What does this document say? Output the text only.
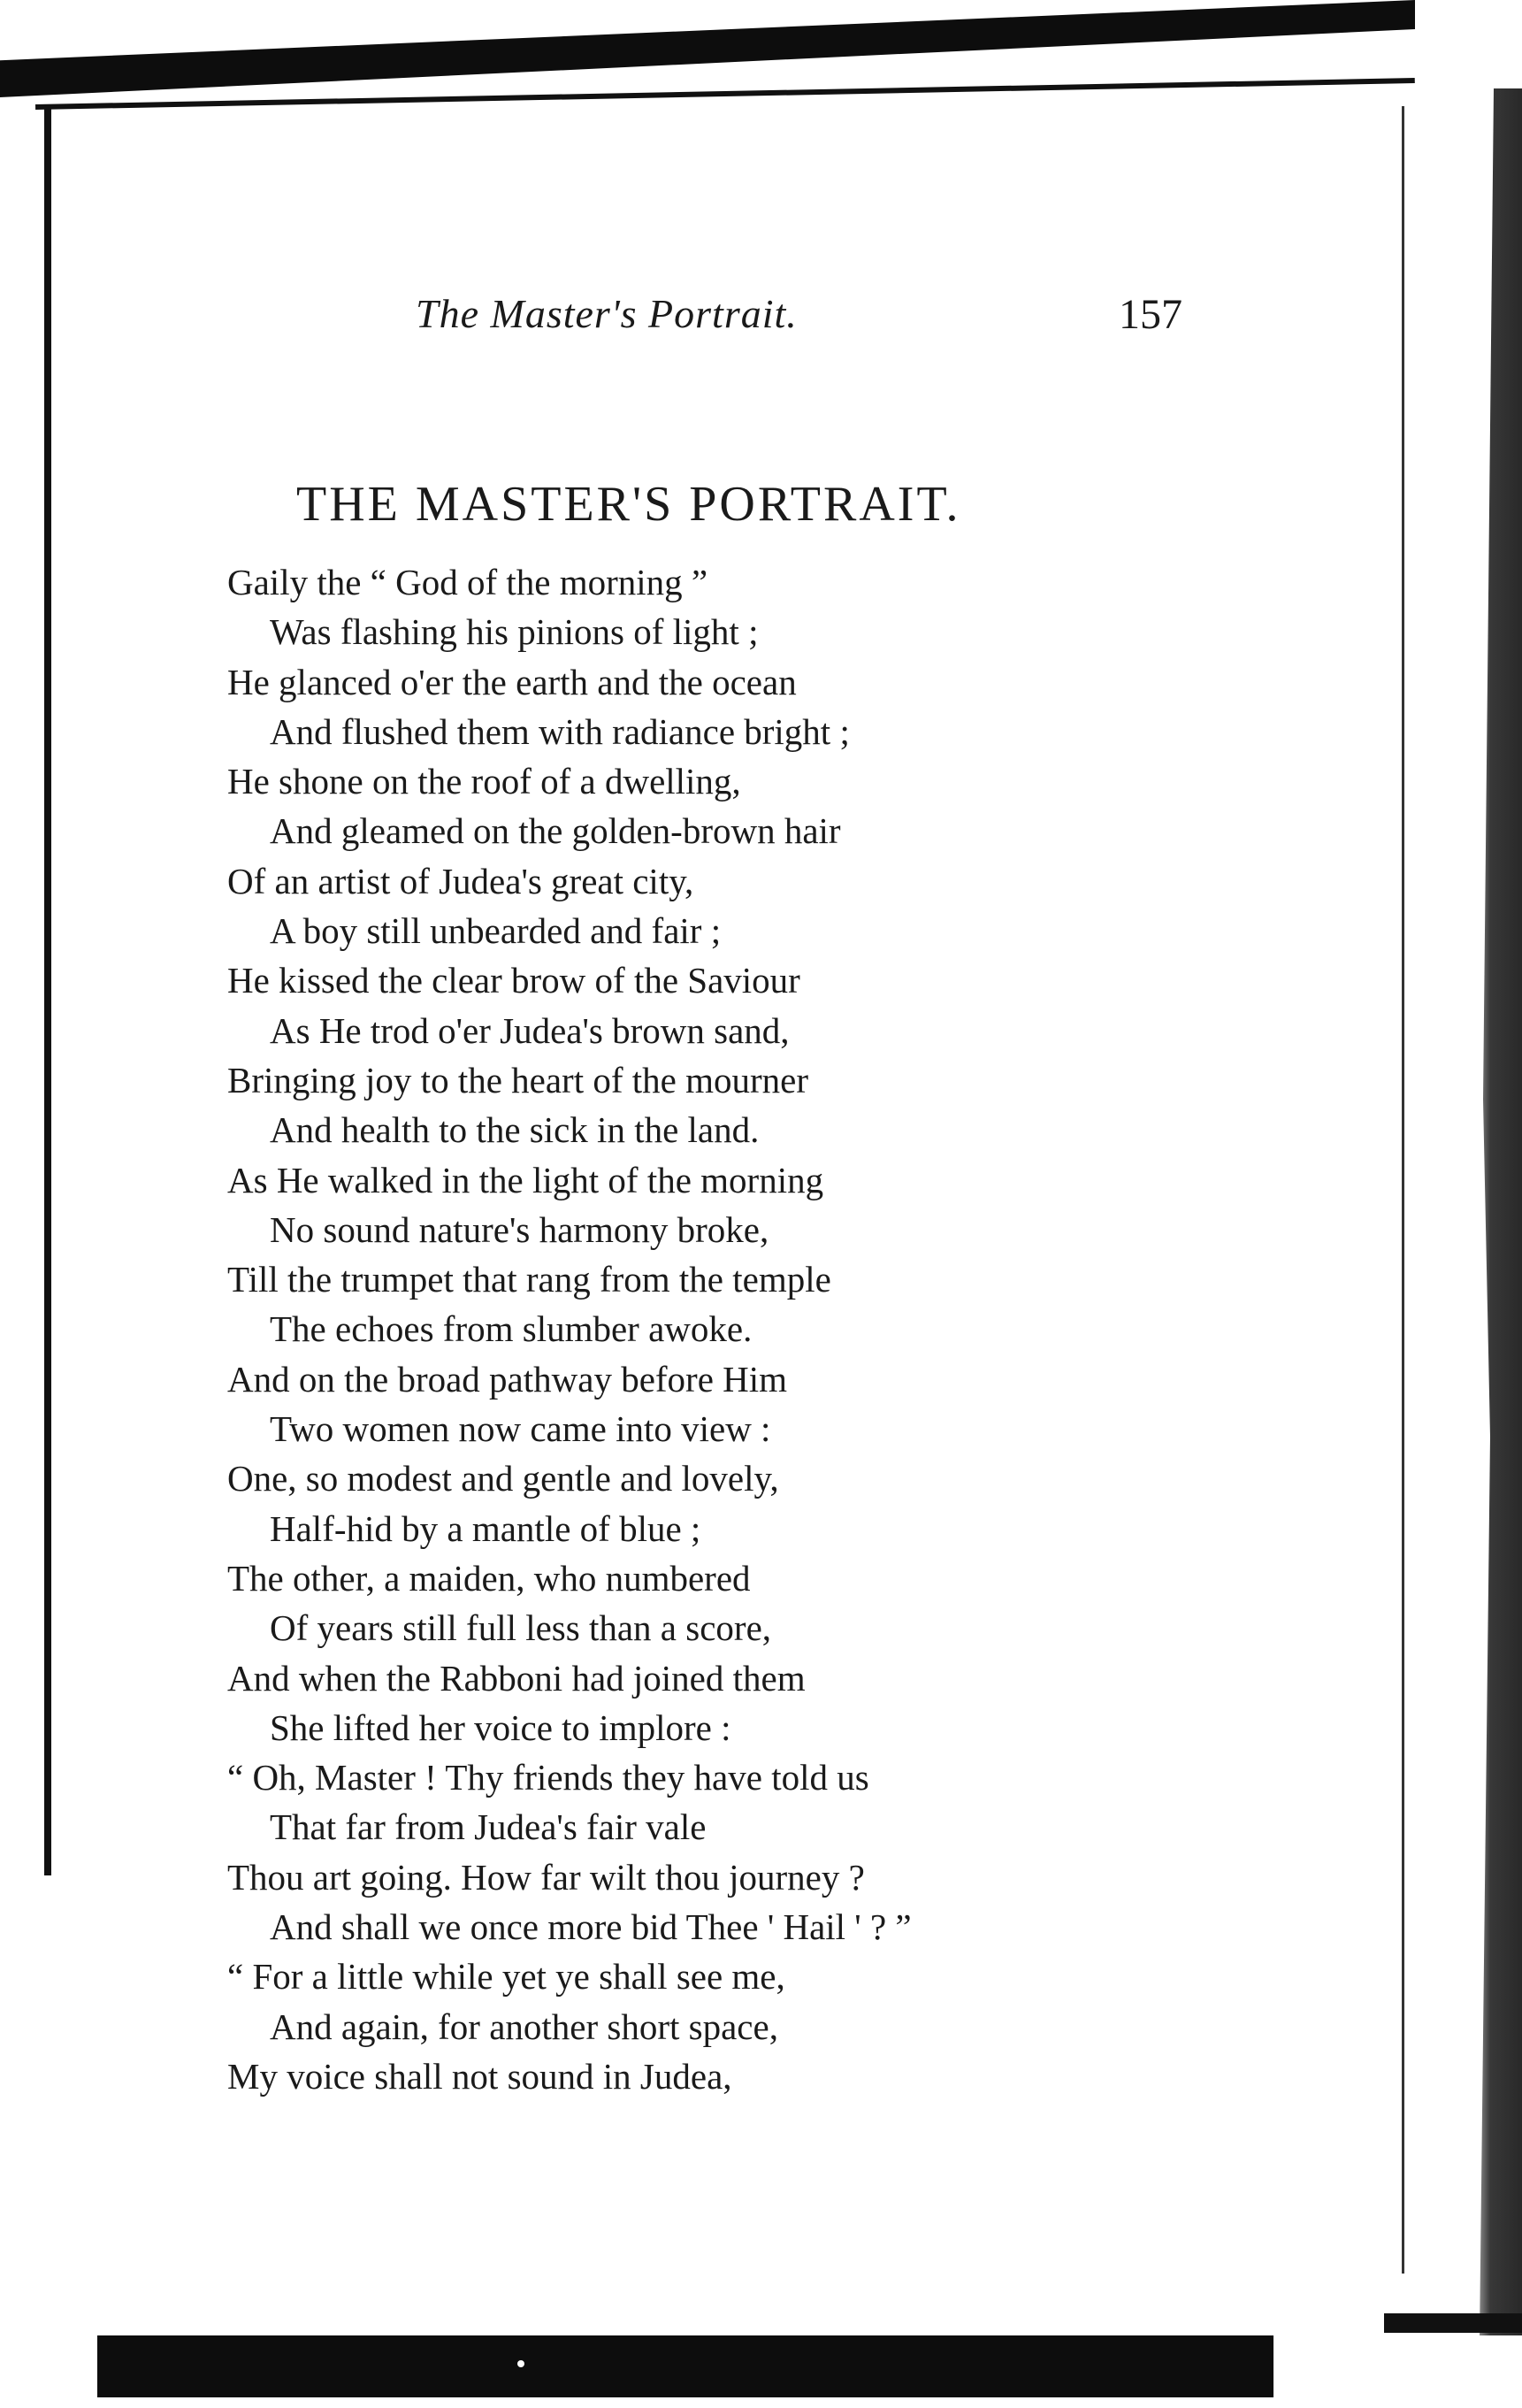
The Master's Portrait.	157
THE MASTER'S PORTRAIT.
Gaily the “ God of the morning ”
Was flashing his pinions of light ;
He glanced o'er the earth and the ocean
And flushed them with radiance bright ;
He shone on the roof of a dwelling,
And gleamed on the golden-brown hair
Of an artist of Judea's great city,
A boy still unbearded and fair ;
He kissed the clear brow of the Saviour
As He trod o'er Judea's brown sand,
Bringing joy to the heart of the mourner
And health to the sick in the land.
As He walked in the light of the morning
No sound nature's harmony broke,
Till the trumpet that rang from the temple
The echoes from slumber awoke.
And on the broad pathway before Him
Two women now came into view :
One, so modest and gentle and lovely,
Half-hid by a mantle of blue ;
The other, a maiden, who numbered
Of years still full less than a score,
And when the Rabboni had joined them
She lifted her voice to implore :
“ Oh, Master ! Thy friends they have told us
That far from Judea's fair vale
Thou art going. How far wilt thou journey ?
And shall we once more bid Thee ' Hail ' ? ”
“ For a little while yet ye shall see me,
And again, for another short space,
My voice shall not sound in Judea,
